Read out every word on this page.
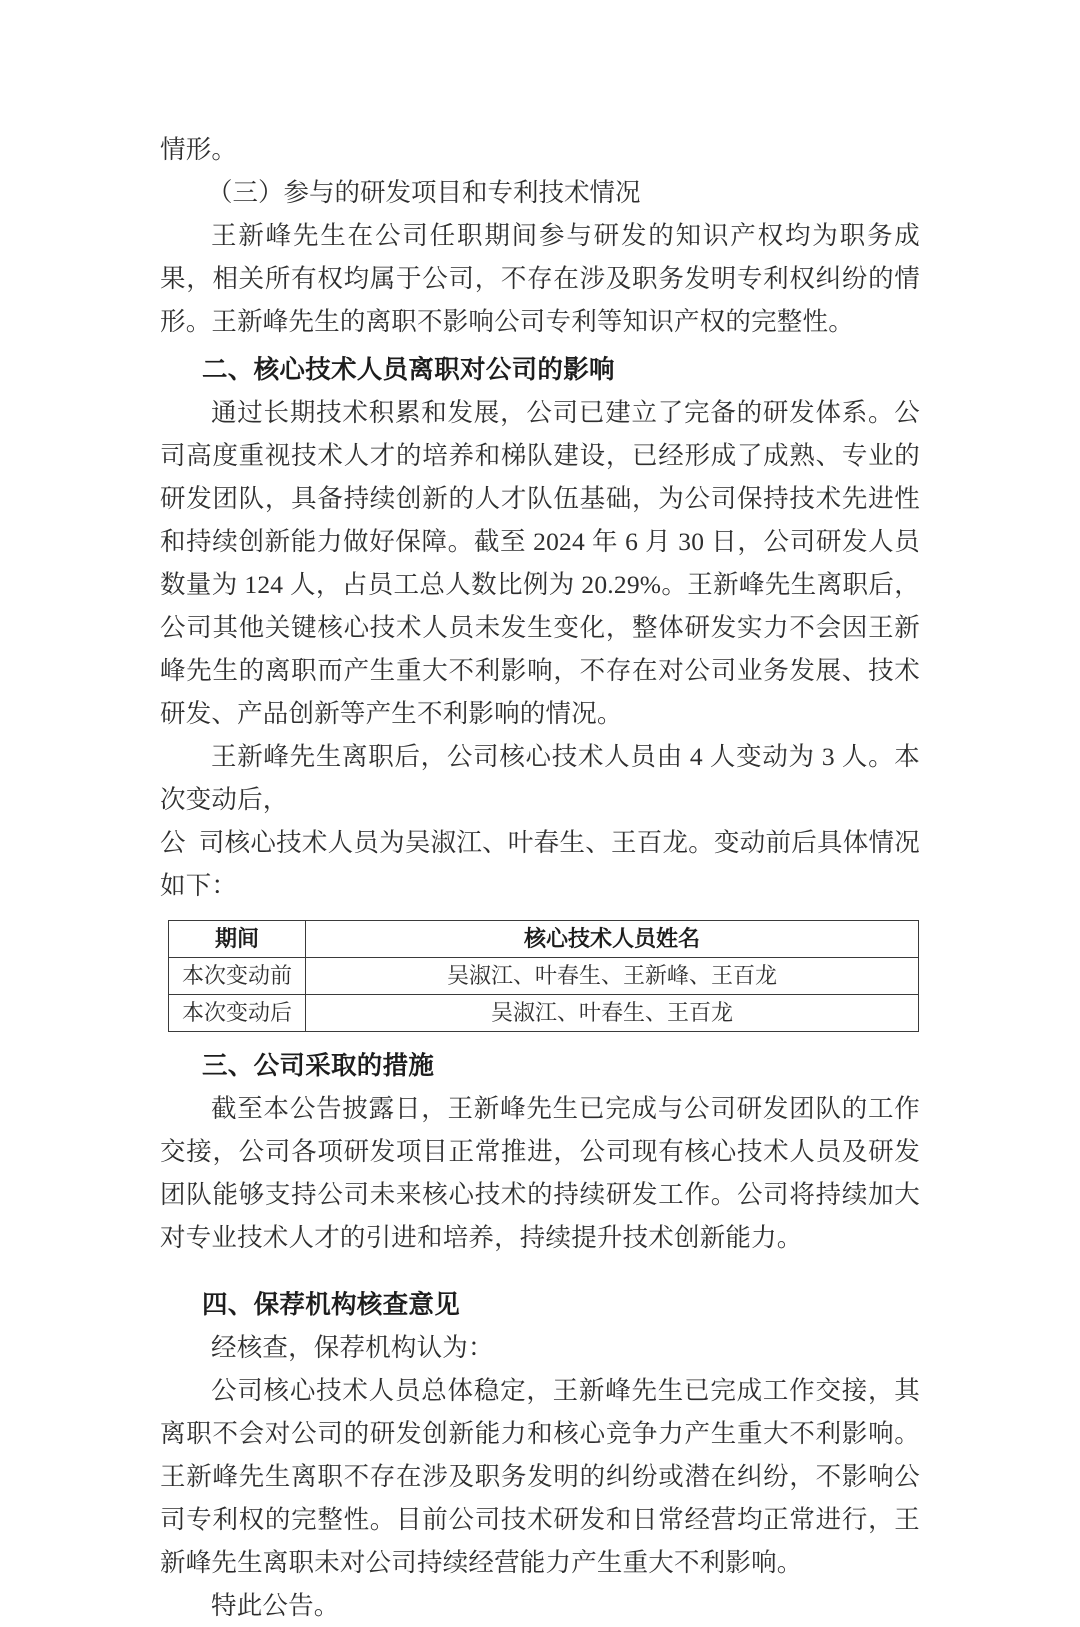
情形。

（三）参与的研发项目和专利技术情况

王新峰先生在公司任职期间参与研发的知识产权均为职务成果，相关所有权均属于公司，不存在涉及职务发明专利权纠纷的情形。王新峰先生的离职不影响公司专利等知识产权的完整性。

二、核心技术人员离职对公司的影响

通过长期技术积累和发展，公司已建立了完备的研发体系。公司高度重视技术人才的培养和梯队建设，已经形成了成熟、专业的研发团队，具备持续创新的人才队伍基础，为公司保持技术先进性和持续创新能力做好保障。截至 2024 年 6 月 30 日，公司研发人员数量为 124 人，占员工总人数比例为 20.29%。王新峰先生离职后，公司其他关键核心技术人员未发生变化，整体研发实力不会因王新峰先生的离职而产生重大不利影响，不存在对公司业务发展、技术研发、产品创新等产生不利影响的情况。

王新峰先生离职后，公司核心技术人员由 4 人变动为 3 人。本次变动后，

公 司核心技术人员为吴淑江、叶春生、王百龙。变动前后具体情况如下：

期间	核心技术人员姓名
本次变动前	吴淑江、叶春生、王新峰、王百龙
本次变动后	吴淑江、叶春生、王百龙

三、公司采取的措施

截至本公告披露日，王新峰先生已完成与公司研发团队的工作交接，公司各项研发项目正常推进，公司现有核心技术人员及研发团队能够支持公司未来核心技术的持续研发工作。公司将持续加大对专业技术人才的引进和培养，持续提升技术创新能力。

四、保荐机构核查意见

经核查，保荐机构认为：

公司核心技术人员总体稳定，王新峰先生已完成工作交接，其离职不会对公司的研发创新能力和核心竞争力产生重大不利影响。王新峰先生离职不存在涉及职务发明的纠纷或潜在纠纷，不影响公司专利权的完整性。目前公司技术研发和日常经营均正常进行，王新峰先生离职未对公司持续经营能力产生重大不利影响。

特此公告。
